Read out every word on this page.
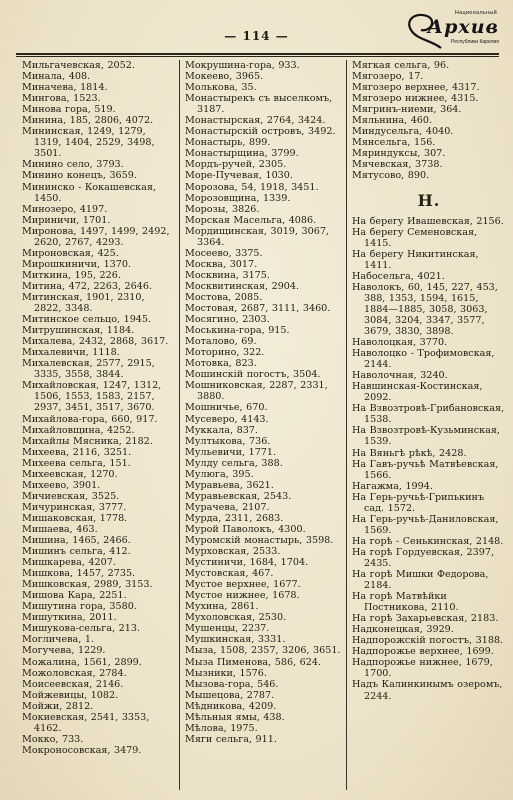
— 114 —
Национальный
Архив
Республики Карелия
Мильгачевская, 2052.
Минала, 408.
Миначева, 1814.
Мингова, 1523.
Минова гора, 519.
Минина, 185, 2806, 4072.
Мининская, 1249, 1279, 1319, 1404, 2529, 3498, 3501.
Минино село, 3793.
Минино конецъ, 3659.
Мининско - Кокашевская, 1450.
Минозеро, 4197.
Мириничи, 1701.
Миронова, 1497, 1499, 2492, 2620, 2767, 4293.
Мироновская, 425.
Мирошкиничи, 1370.
Миткина, 195, 226.
Митина, 472, 2263, 2646.
Митинская, 1901, 2310, 2822, 3348.
Митинское сельцо, 1945.
Митрушинская, 1184.
Михалева, 2432, 2868, 3617.
Михалевичи, 1118.
Михалевская, 2577, 2915, 3335, 3558, 3844.
Михайловская, 1247, 1312, 1506, 1553, 1583, 2157, 2937, 3451, 3517, 3670.
Михайлова-гора, 660, 917.
Михайловщина, 4252.
Михайлы Мясника, 2182.
Михеева, 2116, 3251.
Михеева сельга, 151.
Михеевская, 1270.
Михеево, 3901.
Мичиевская, 3525.
Мичуринская, 3777.
Мишаковская, 1778.
Мишаева, 463.
Мишина, 1465, 2466.
Мишинъ сельга, 412.
Мишкарева, 4207.
Мишкова, 1457, 2735.
Мишковская, 2989, 3153.
Мишова Кара, 2251.
Мишутина гора, 3580.
Мишуткина, 2011.
Мишукова-сельга, 213.
Могличева, 1.
Могучева, 1229.
Можалина, 1561, 2899.
Можоловская, 2784.
Моисеевская, 2146.
Мойжевицы, 1082.
Мойжи, 2812.
Мокиевская, 2541, 3353, 4162.
Мокко, 733.
Мокроносовская, 3479.
Мокрушина-гора, 933.
Мокеево, 3965.
Молькова, 35.
Монастырекъ съ выселкомъ, 3187.
Монастырская, 2764, 3424.
Монастырскiй островъ, 3492.
Монастырь, 899.
Монастырщина, 3799.
Мордъ-ручей, 2305.
Море-Пучевая, 1030.
Морозова, 54, 1918, 3451.
Морозовщина, 1339.
Морозы, 3826.
Морская Масельга, 4086.
Мордищинская, 3019, 3067, 3364.
Мосеево, 3375.
Москва, 3017.
Москвина, 3175.
Москвитинская, 2904.
Мостова, 2085.
Мостовая, 2687, 3111, 3460.
Мосягино, 2303.
Моськина-гора, 915.
Моталово, 69.
Моторино, 322.
Мотовка, 823.
Мошинскiй погостъ, 3504.
Мошниковская, 2287, 2331, 3880.
Мошничье, 670.
Мусеверо, 4143.
Муккала, 837.
Мултыкова, 736.
Мульевичи, 1771.
Мулду сельга, 388.
Мулюга, 395.
Муравьева, 3621.
Муравьевская, 2543.
Мурачева, 2107.
Мурда, 2311, 2683.
Мурой Паволокъ, 4300.
Муромскiй монастырь, 3598.
Мурховская, 2533.
Мустиничи, 1684, 1704.
Мустовская, 467.
Мустое верхнее, 1677.
Мустое нижнее, 1678.
Мухина, 2861.
Мухоловская, 2530.
Мушенцы, 2237.
Мушкинская, 3331.
Мыза, 1508, 2357, 3206, 3651.
Мыза Пименова, 586, 624.
Мызники, 1576.
Мызова-гора, 546.
Мышецова, 2787.
Мѣдникова, 4209.
Мѣльныя ямы, 438.
Мѣлова, 1975.
Мяги сельга, 911.
Мягкая сельга, 96.
Мягозеро, 17.
Мягозеро верхнее, 4317.
Мягозеро нижнее, 4315.
Мягринъ-ниеми, 364.
Мяльнина, 460.
Миндусельга, 4040.
Мянсельга, 156.
Мяриндуксы, 307.
Мячевская, 3738.
Мятусово, 890.
Н.
На берегу Ивашевская, 2156.
На берегу Семеновская, 1415.
На берегу Никитинская, 1411.
Набосельга, 4021.
Наволокъ, 60, 145, 227, 453, 388, 1353, 1594, 1615, 1884—1885, 3058, 3063, 3084, 3204, 3347, 3577, 3679, 3830, 3898.
Наволоцкая, 3770.
Наволоцко - Трофимовская, 2144.
Наволочная, 3240.
Навшинская-Костинская, 2092.
На Взвозтровѣ-Грибановская, 1538.
На Взвозтровѣ-Кузьминская, 1539.
На Вяньгѣ рѣкѣ, 2428.
На Гавъ-ручьѣ Матвѣевская, 1566.
Нагажма, 1994.
На Герь-ручьѣ-Грипькинъ сад. 1572.
На Герь-ручьѣ-Даниловская, 1569.
На горѣ - Сенькинская, 2148.
На горѣ Гордуевская, 2397, 2435.
На горѣ Мишки Федорова, 2184.
На горѣ Матвѣйки Постникова, 2110.
На горѣ Захарьевская, 2183.
Надконецкая, 3929.
Надпорожскiй погостъ, 3188.
Надпорожье верхнее, 1699.
Надпорожье нижнее, 1679, 1700.
Надъ Калинкинымъ озеромъ, 2244.
